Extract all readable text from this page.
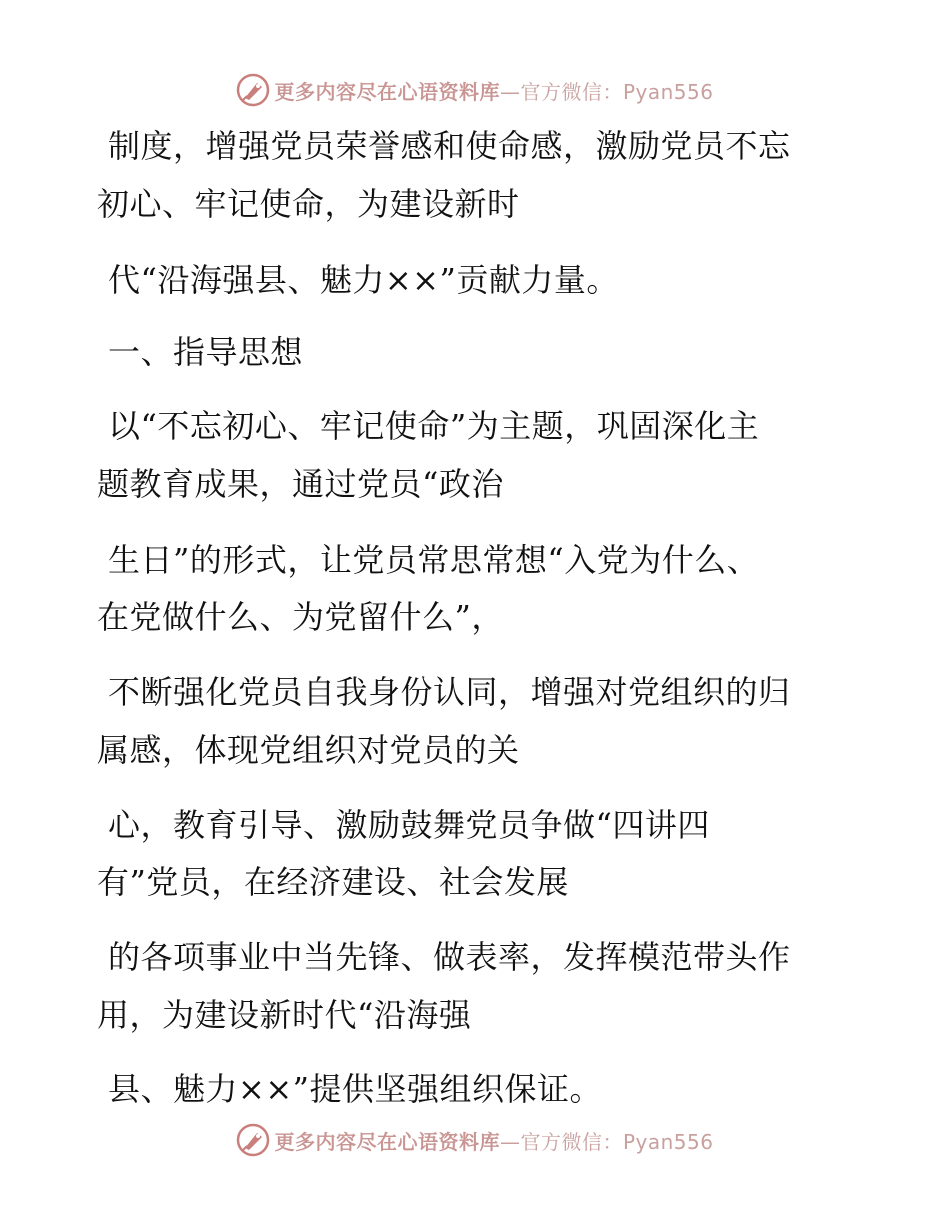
更多内容尽在心语资料库—官方微信：Pyan556
制度，增强党员荣誉感和使命感，激励党员不忘
初心、牢记使命，为建设新时
代“沿海强县、魅力××”贡献力量。
一、指导思想
以“不忘初心、牢记使命”为主题，巩固深化主
题教育成果，通过党员“政治
生日”的形式，让党员常思常想“入党为什么、
在党做什么、为党留什么”，
不断强化党员自我身份认同，增强对党组织的归
属感，体现党组织对党员的关
心，教育引导、激励鼓舞党员争做“四讲四
有”党员，在经济建设、社会发展
的各项事业中当先锋、做表率，发挥模范带头作
用，为建设新时代“沿海强
县、魅力××”提供坚强组织保证。
更多内容尽在心语资料库—官方微信：Pyan556
